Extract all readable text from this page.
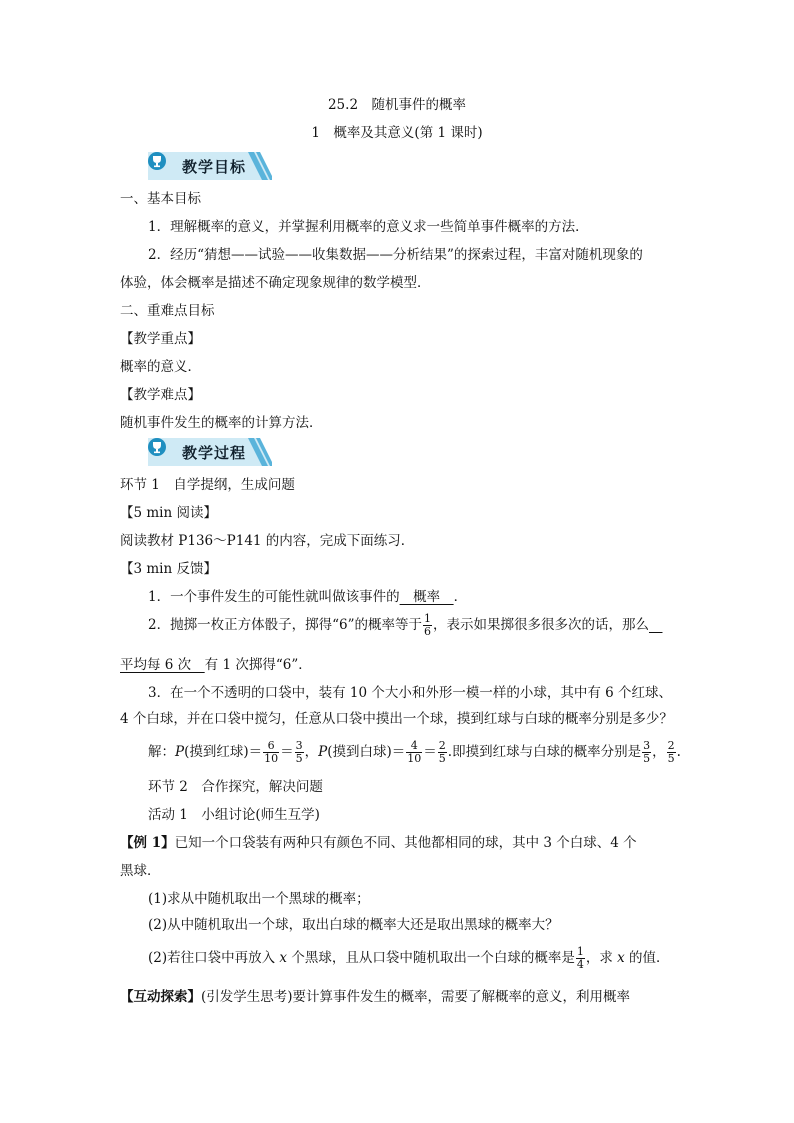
25.2　随机事件的概率
1　概率及其意义(第 1 课时)
教学目标
一、基本目标
1．理解概率的意义，并掌握利用概率的意义求一些简单事件概率的方法．
2．经历“猜想——试验——收集数据——分析结果”的探索过程，丰富对随机现象的
体验，体会概率是描述不确定现象规律的数学模型．
二、重难点目标
【教学重点】
概率的意义．
【教学难点】
随机事件发生的概率的计算方法．
教学过程
环节 1　自学提纲，生成问题
【5 min 阅读】
阅读教材 P136～P141 的内容，完成下面练习．
【3 min 反馈】
1．一个事件发生的可能性就叫做该事件的　概率　．
2．抛掷一枚正方体骰子，掷得“6”的概率等于 $\frac{1}{6}$ ，表示如果掷很多很多次的话，那么　
平均每 6 次　有 1 次掷得“6”．
3．在一个不透明的口袋中，装有 10 个大小和外形一模一样的小球，其中有 6 个红球、
4 个白球，并在口袋中搅匀，任意从口袋中摸出一个球，摸到红球与白球的概率分别是多少？
解：P(摸到红球)＝ $\frac{6}{10} = \frac{3}{5}$ ，P(摸到白球)＝ $\frac{4}{10} = \frac{2}{5}$ .即摸到红球与白球的概率分别是 $\frac{3}{5}$ ， $\frac{2}{5}$ .
环节 2　合作探究，解决问题
活动 1　小组讨论(师生互学)
【例 1】已知一个口袋装有两种只有颜色不同、其他都相同的球，其中 3 个白球、4 个
黑球．
(1)求从中随机取出一个黑球的概率；
(2)从中随机取出一个球，取出白球的概率大还是取出黑球的概率大？
(2)若往口袋中再放入 x 个黑球，且从口袋中随机取出一个白球的概率是 $\frac{1}{4}$ ，求 x 的值．
【互动探索】(引发学生思考)要计算事件发生的概率，需要了解概率的意义，利用概率
